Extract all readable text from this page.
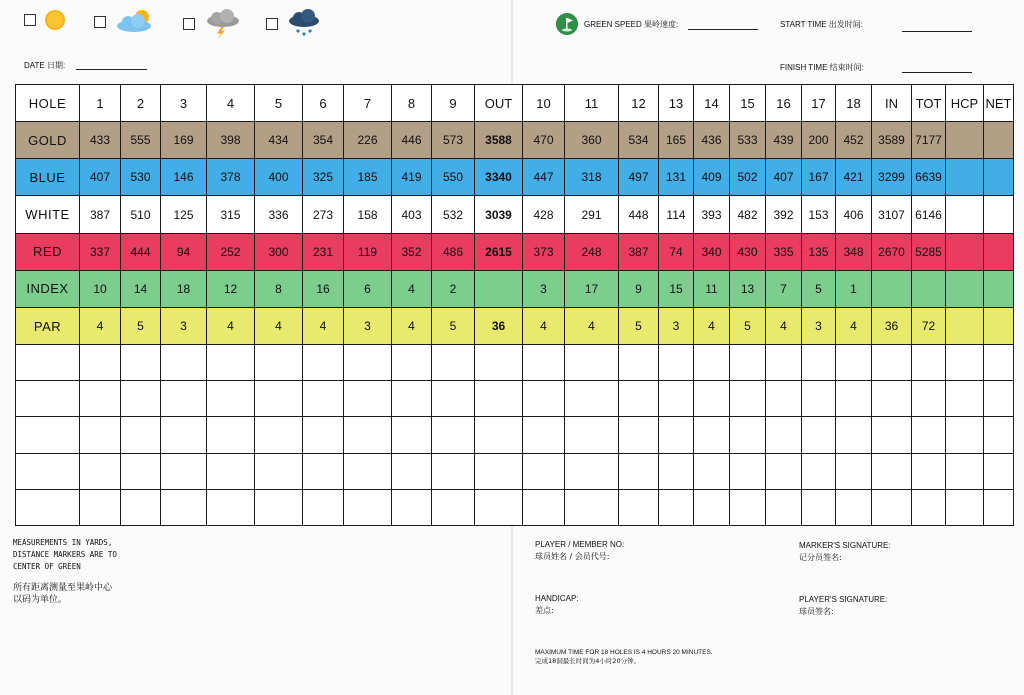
DATE 日期:
GREEN SPEED 果岭速度:	START TIME 出发时间:
FINISH TIME 结束时间:
HOLE	1	2	3	4	5	6	7	8	9	OUT	10	11	12	13	14	15	16	17	18	IN	TOT	HCP	NET
GOLD	433	555	169	398	434	354	226	446	573	3588	470	360	534	165	436	533	439	200	452	3589	7177		
BLUE	407	530	146	378	400	325	185	419	550	3340	447	318	497	131	409	502	407	167	421	3299	6639		
WHITE	387	510	125	315	336	273	158	403	532	3039	428	291	448	114	393	482	392	153	406	3107	6146		
RED	337	444	94	252	300	231	119	352	486	2615	373	248	387	74	340	430	335	135	348	2670	5285		
INDEX	10	14	18	12	8	16	6	4	2		3	17	9	15	11	13	7	5	1				
PAR	4	5	3	4	4	4	3	4	5	36	4	4	5	3	4	5	4	3	4	36	72		

MEASUREMENTS IN YARDS,
DISTANCE MARKERS ARE TO
CENTER OF GREEN
所有距离测量至果岭中心
以码为单位。
PLAYER / MEMBER NO:
球员姓名 / 会员代号:
HANDICAP:
差点:
MARKER'S SIGNATURE:
记分员签名:
PLAYER'S SIGNATURE:
球员签名:
MAXIMUM TIME FOR 18 HOLES IS 4 HOURS 20 MINUTES.
完成18洞最长时间为4小时20分钟。
